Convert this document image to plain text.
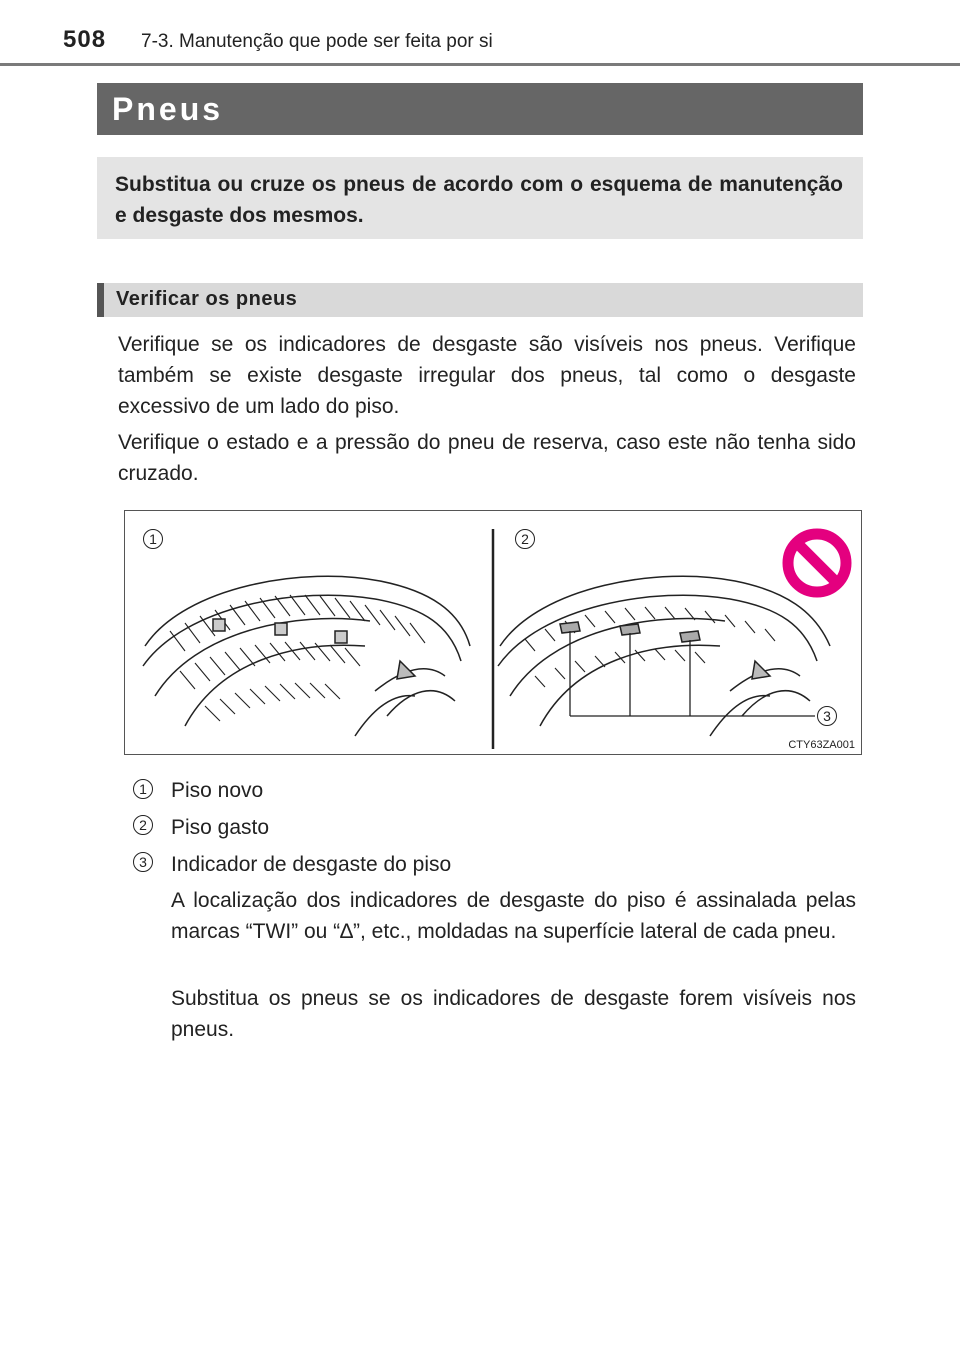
508 7-3. Manutenção que pode ser feita por si
Pneus

Substitua ou cruze os pneus de acordo com o esquema de manutenção e desgaste dos mesmos.

Verificar os pneus

Verifique se os indicadores de desgaste são visíveis nos pneus. Verifique também se existe desgaste irregular dos pneus, tal como o desgaste excessivo de um lado do piso.

Verifique o estado e a pressão do pneu de reserva, caso este não tenha sido cruzado.

1	2
3
CTY63ZA001
1 Piso novo
2 Piso gasto
3 Indicador de desgaste do piso

A localização dos indicadores de desgaste do piso é assinalada pelas marcas “TWI” ou “∆”, etc., moldadas na superfície lateral de cada pneu.

Substitua os pneus se os indicadores de desgaste forem visíveis nos pneus.
